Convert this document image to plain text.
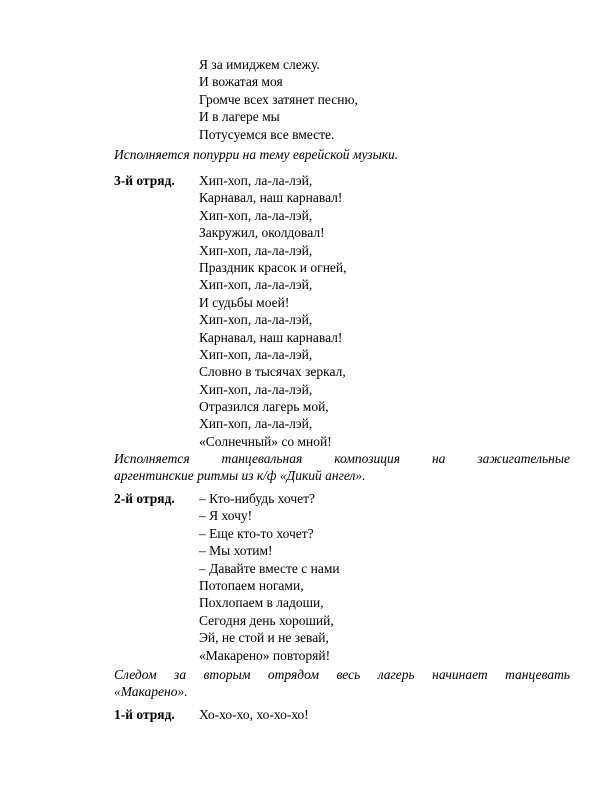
Я за имиджем слежу.
И вожатая моя
Громче всех затянет песню,
И в лагере мы
Потусуемся все вместе.
Исполняется попурри на тему еврейской музыки.
3-й отряд. Хип-хоп, ла-ла-лэй,
Карнавал, наш карнавал!
Хип-хоп, ла-ла-лэй,
Закружил, околдовал!
Хип-хоп, ла-ла-лэй,
Праздник красок и огней,
Хип-хоп, ла-ла-лэй,
И судьбы моей!
Хип-хоп, ла-ла-лэй,
Карнавал, наш карнавал!
Хип-хоп, ла-ла-лэй,
Словно в тысячах зеркал,
Хип-хоп, ла-ла-лэй,
Отразился лагерь мой,
Хип-хоп, ла-ла-лэй,
«Солнечный» со мной!
Исполняется танцевальная композиция на зажигательные
аргентинские ритмы из к/ф «Дикий ангел».
2-й отряд. – Кто-нибудь хочет?
– Я хочу!
– Еще кто-то хочет?
– Мы хотим!
– Давайте вместе с нами
Потопаем ногами,
Похлопаем в ладоши,
Сегодня день хороший,
Эй, не стой и не зевай,
«Макарено» повторяй!
Следом за вторым отрядом весь лагерь начинает танцевать
«Макарено».
1-й отряд. Хо-хо-хо, хо-хо-хо!
